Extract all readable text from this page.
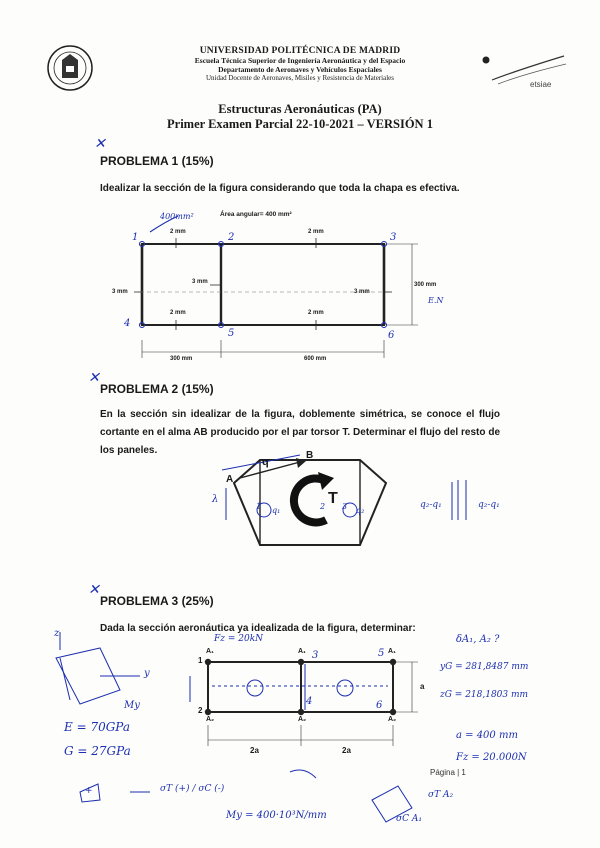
UNIVERSIDAD POLITÉCNICA DE MADRID
Escuela Técnica Superior de Ingeniería Aeronáutica y del Espacio
Departamento de Aeronaves y Vehículos Espaciales
Unidad Docente de Aeronaves, Misiles y Resistencia de Materiales
etsiae
Estructuras Aeronáuticas (PA)
Primer Examen Parcial 22-10-2021 – VERSIÓN 1
✕
PROBLEMA 1 (15%)
Idealizar la sección de la figura considerando que toda la chapa es efectiva.
Área angular= 400 mm²
2 mm	2 mm
3 mm
3 mm	3 mm
2 mm	2 mm
300 mm
300 mm	600 mm
1	2	3
4
5	6
400mm²
E.N
✕
PROBLEMA 2 (15%)
En la sección sin idealizar de la figura, doblemente simétrica, se conoce el flujo cortante en el alma AB producido por el par torsor T. Determinar el flujo del resto de los paneles.
q
A
B
T
λ
q₁	q₂
1	2 3	q₂-q₁	q₂-q₁
✕
PROBLEMA 3 (25%)
Dada la sección aeronáutica ya idealizada de la figura, determinar:
1
2
A₁	A₁	A₁
A₂	A₂	A₂
a
2a	2a
Fz = 20kN
z
y
My
E = 70GPa
G = 27GPa
δA₁, A₂ ?
yG = 281,8487 mm
zG = 218,1803 mm
a = 400 mm
Fz = 20.000N
3	5
4	6
+	σT (+) / σC (-)
My = 400·10³N/mm
σT A₂
σC A₁
Página | 1
